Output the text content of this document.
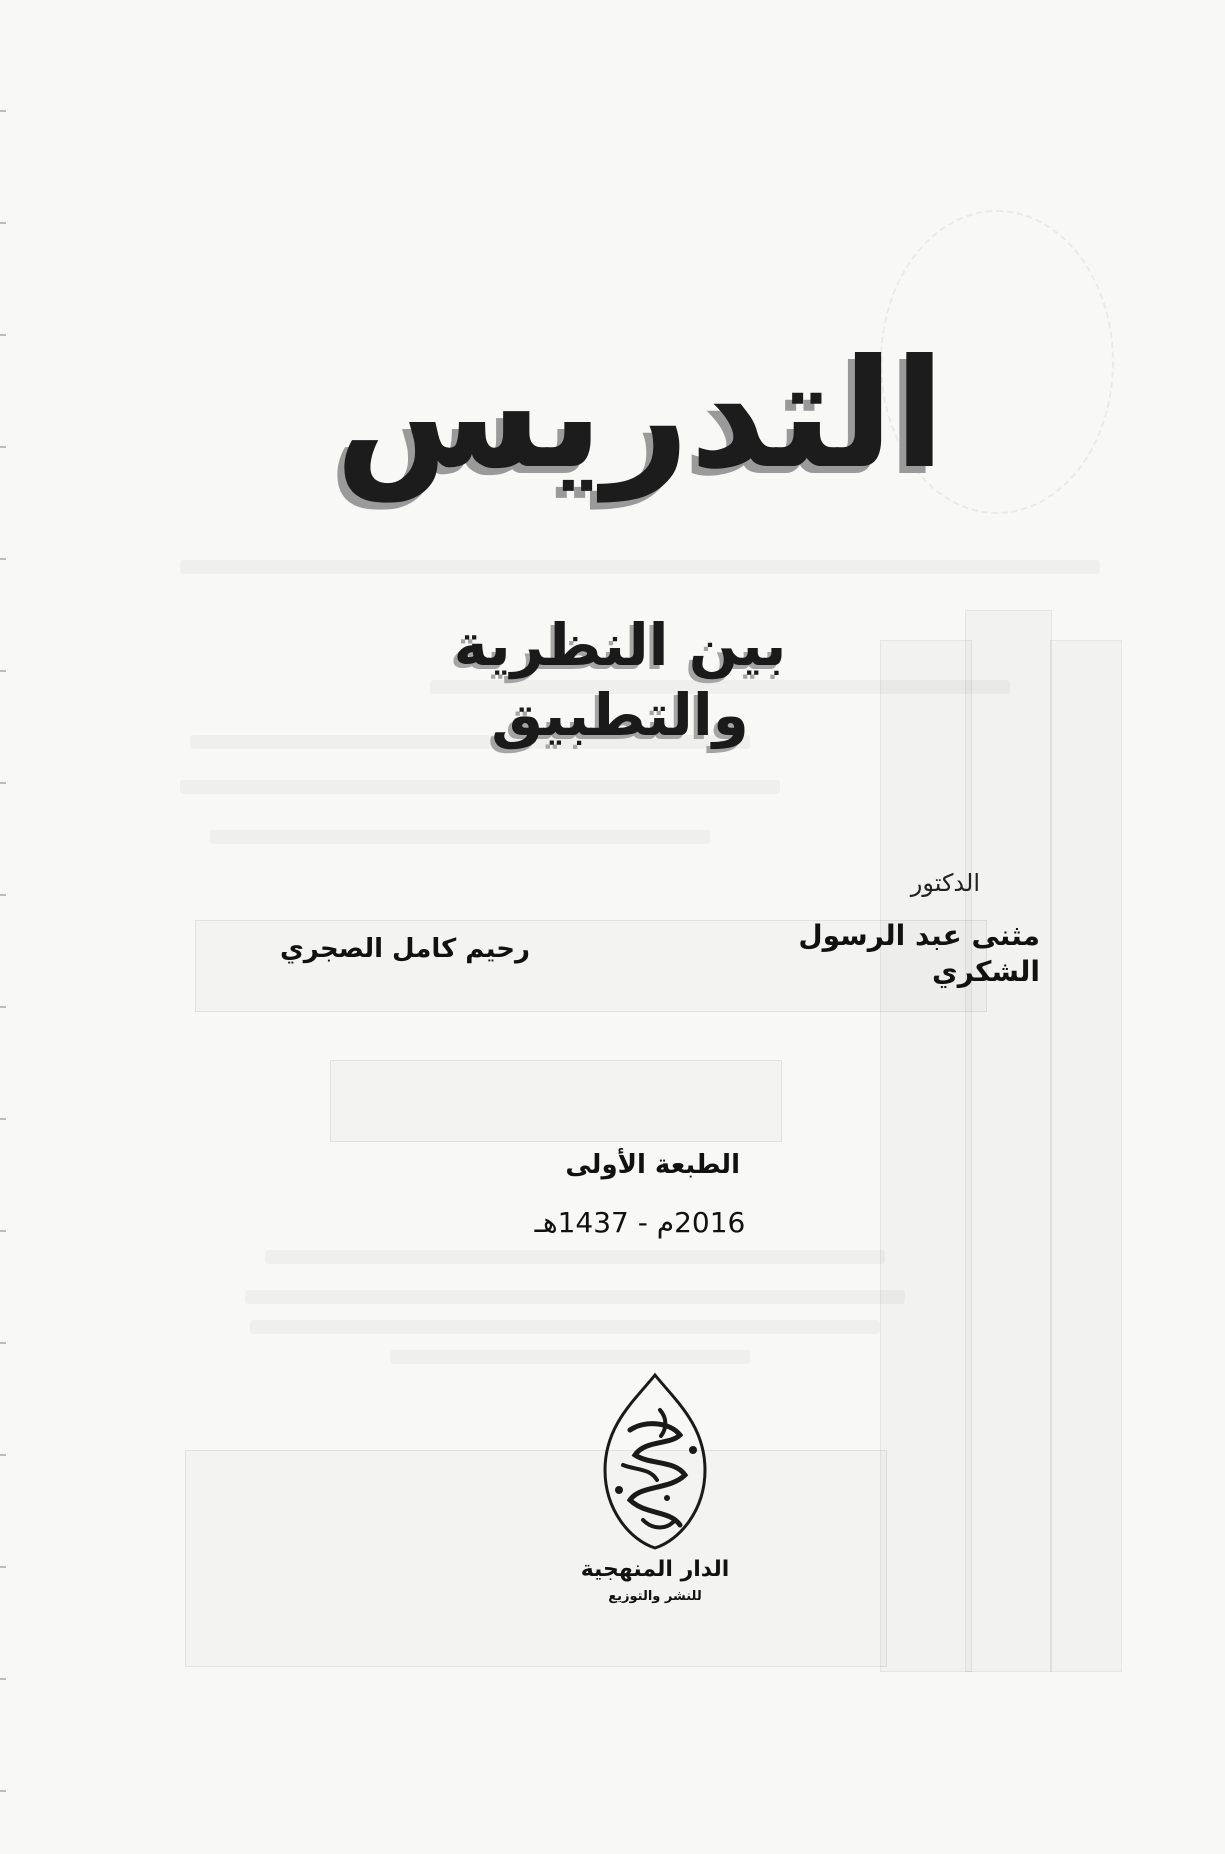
التدريس
بين النظرية والتطبيق
الدكتور
مثنى عبد الرسول الشكري
رحيم كامل الصجري
الطبعة الأولى
2016م - 1437هـ
الدار المنهجية
للنشر والتوزيع
